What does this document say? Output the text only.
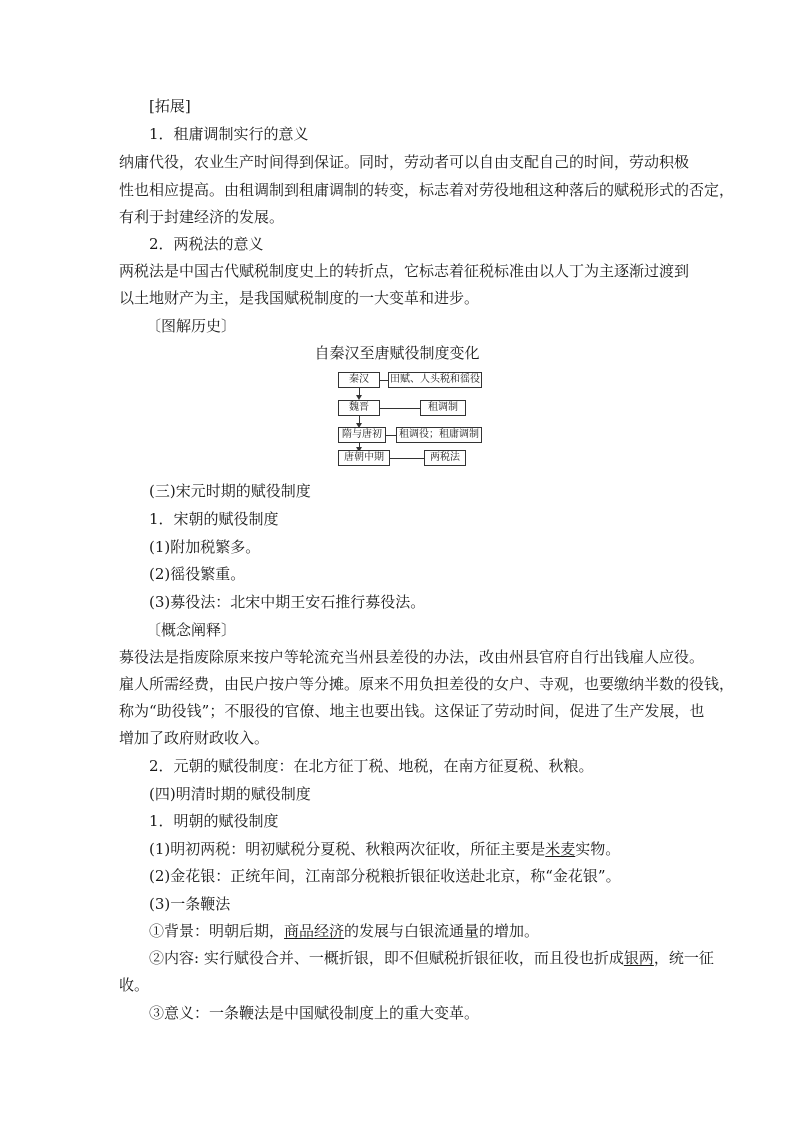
[拓展]
1．租庸调制实行的意义
纳庸代役，农业生产时间得到保证。同时，劳动者可以自由支配自己的时间，劳动积极
性也相应提高。由租调制到租庸调制的转变，标志着对劳役地租这种落后的赋税形式的否定，
有利于封建经济的发展。
2．两税法的意义
两税法是中国古代赋税制度史上的转折点，它标志着征税标准由以人丁为主逐渐过渡到
以土地财产为主，是我国赋税制度的一大变革和进步。
〔图解历史〕
自秦汉至唐赋役制度变化
秦汉	田赋、人头税和徭役
魏晋	租调制
隋与唐初	租调役；租庸调制
唐朝中期	两税法
(三)宋元时期的赋役制度
1．宋朝的赋役制度
(1)附加税繁多。
(2)徭役繁重。
(3)募役法：北宋中期王安石推行募役法。
〔概念阐释〕
募役法是指废除原来按户等轮流充当州县差役的办法，改由州县官府自行出钱雇人应役。
雇人所需经费，由民户按户等分摊。原来不用负担差役的女户、寺观，也要缴纳半数的役钱，
称为“助役钱”；不服役的官僚、地主也要出钱。这保证了劳动时间，促进了生产发展，也
增加了政府财政收入。
2．元朝的赋役制度：在北方征丁税、地税，在南方征夏税、秋粮。
(四)明清时期的赋役制度
1．明朝的赋役制度
(1)明初两税：明初赋税分夏税、秋粮两次征收，所征主要是米麦实物。
(2)金花银：正统年间，江南部分税粮折银征收送赴北京，称“金花银”。
(3)一条鞭法
①背景：明朝后期，商品经济的发展与白银流通量的增加。
②内容: 实行赋役合并、一概折银，即不但赋税折银征收，而且役也折成银两，统一征
收。
③意义：一条鞭法是中国赋役制度上的重大变革。
